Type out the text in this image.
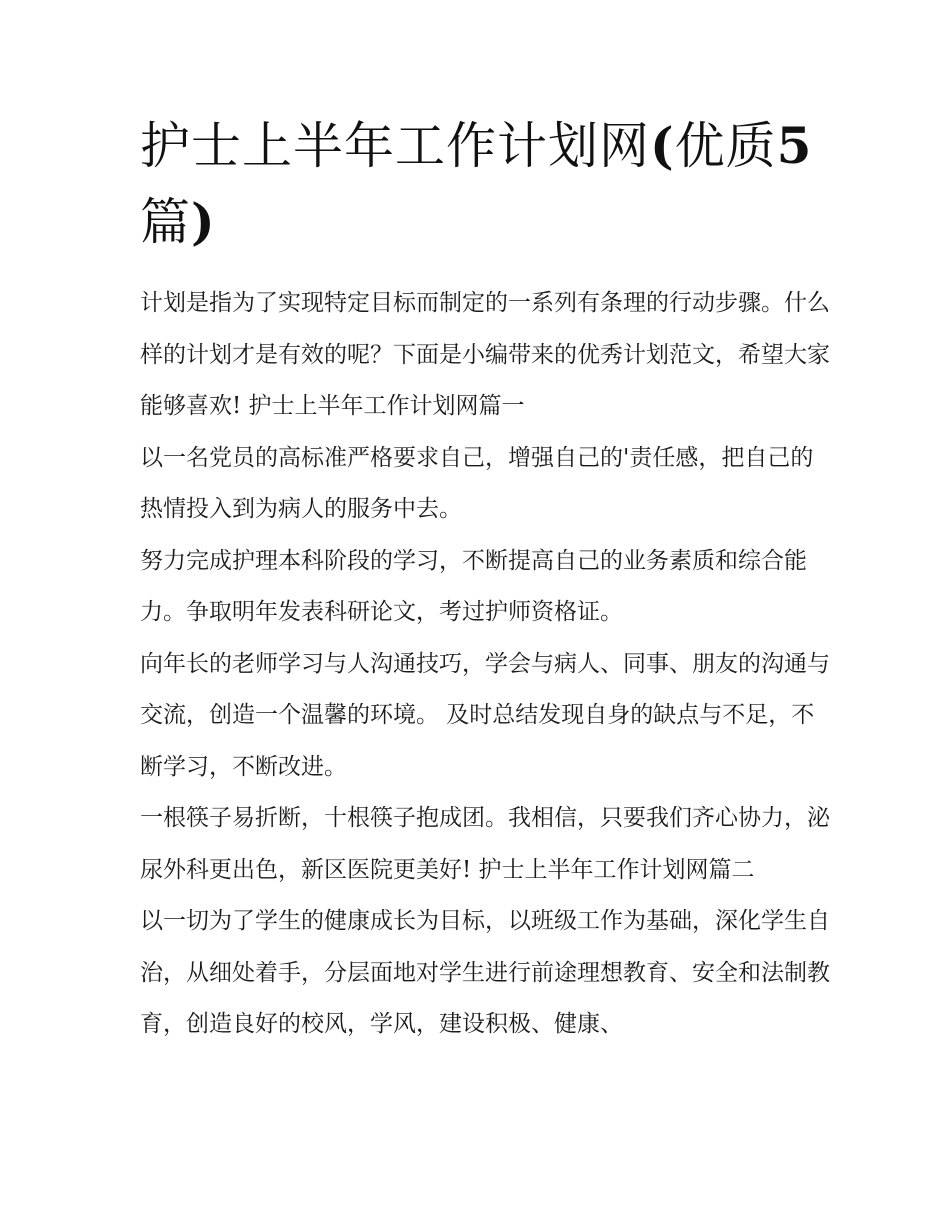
护士上半年工作计划网(优质5篇)

计划是指为了实现特定目标而制定的一系列有条理的行动步骤。什么样的计划才是有效的呢？下面是小编带来的优秀计划范文，希望大家能够喜欢! 护士上半年工作计划网篇一

以一名党员的高标准严格要求自己，增强自己的'责任感，把自己的热情投入到为病人的服务中去。

努力完成护理本科阶段的学习，不断提高自己的业务素质和综合能力。争取明年发表科研论文，考过护师资格证。

向年长的老师学习与人沟通技巧，学会与病人、同事、朋友的沟通与交流，创造一个温馨的环境。 及时总结发现自身的缺点与不足，不断学习，不断改进。

一根筷子易折断，十根筷子抱成团。我相信，只要我们齐心协力，泌尿外科更出色，新区医院更美好! 护士上半年工作计划网篇二

以一切为了学生的健康成长为目标，以班级工作为基础，深化学生自治，从细处着手，分层面地对学生进行前途理想教育、安全和法制教育，创造良好的校风，学风，建设积极、健康、
